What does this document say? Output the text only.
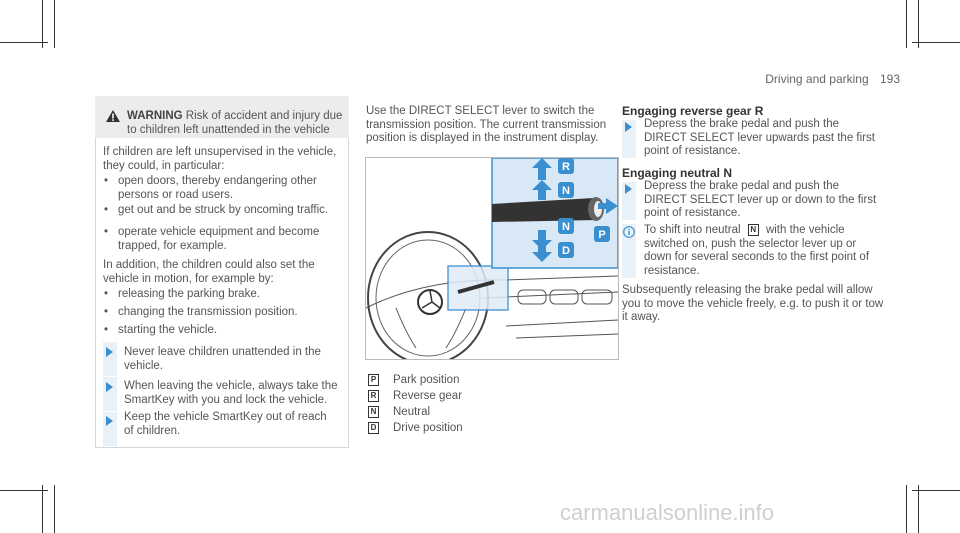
Driving and parking 193
WARNING Risk of accident and injury due to children left unattended in the vehicle
If children are left unsupervised in the vehicle, they could, in particular:
• open doors, thereby endangering other persons or road users.
• get out and be struck by oncoming traffic.
• operate vehicle equipment and become trapped, for example.
In addition, the children could also set the vehicle in motion, for example by:
• releasing the parking brake.
• changing the transmission position.
• starting the vehicle.
Never leave children unattended in the vehicle.
When leaving the vehicle, always take the SmartKey with you and lock the vehicle.
Keep the vehicle SmartKey out of reach of children.
Use the DIRECT SELECT lever to switch the transmission position. The current transmission position is displayed in the instrument display.
R
N
N
P
D
P Park position
R Reverse gear
N Neutral
D Drive position
Engaging reverse gear R
Depress the brake pedal and push the DIRECT SELECT lever upwards past the first point of resistance.
Engaging neutral N
Depress the brake pedal and push the DIRECT SELECT lever up or down to the first point of resistance.
To shift into neutral N with the vehicle switched on, push the selector lever up or down for several seconds to the first point of resistance.
Subsequently releasing the brake pedal will allow you to move the vehicle freely, e.g. to push it or tow it away.
carmanualsonline.info
